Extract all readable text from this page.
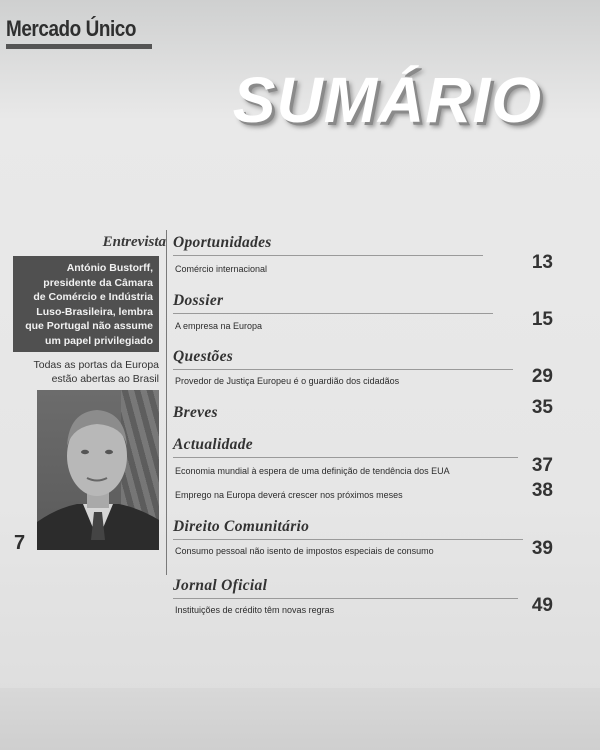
Mercado Único
SUMÁRIO
Entrevista
António Bustorff,
presidente da Câmara
de Comércio e Indústria
Luso-Brasileira, lembra
que Portugal não assume
um papel privilegiado
Todas as portas da Europa
estão abertas ao Brasil
7
Oportunidades
Comércio internacional	13
Dossier
A empresa na Europa	15
Questões
Provedor de Justiça Europeu é o guardião dos cidadãos	29
Breves	35
Actualidade
Economia mundial à espera de uma definição de tendência dos EUA	37
Emprego na Europa deverá crescer nos próximos meses	38
Direito Comunitário
Consumo pessoal não isento de impostos especiais de consumo	39
Jornal Oficial
Instituições de crédito têm novas regras	49
